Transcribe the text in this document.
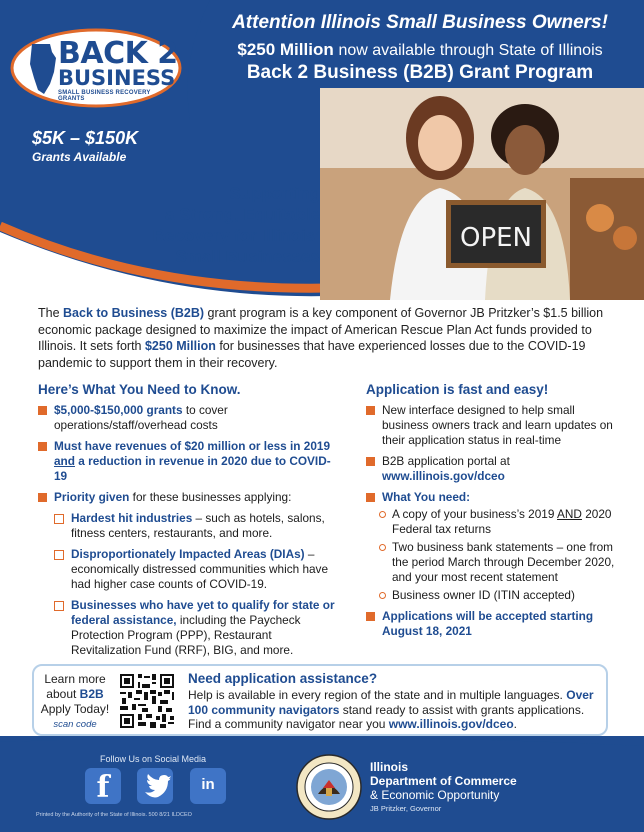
OPEN
BACK 2
BUSINESS
SMALL BUSINESS RECOVERY GRANTS
Attention Illinois Small Business Owners!
$250 Million now available through State of Illinois
Back 2 Business (B2B) Grant Program
$5K – $150K
Grants Available
Supporting
a Strong, Equitable
Recovery for Illinois’
Small Businesses
The Back to Business (B2B) grant program is a key component of Governor JB Pritzker’s $1.5 billion economic package designed to maximize the impact of American Rescue Plan Act funds provided to Illinois. It sets forth $250 Million for businesses that have experienced losses due to the COVID-19 pandemic to support them in their recovery.
Here’s What You Need to Know.
$5,000-$150,000 grants to cover operations/staff/overhead costs
Must have revenues of $20 million or less in 2019 and a reduction in revenue in 2020 due to COVID-19
Priority given for these businesses applying:
Hardest hit industries – such as hotels, salons, fitness centers, restaurants, and more.
Disproportionately Impacted Areas (DIAs) – economically distressed communities which have had higher case counts of COVID-19.
Businesses who have yet to qualify for state or federal assistance, including the Paycheck Protection Program (PPP), Restaurant Revitalization Fund (RRF), BIG, and more.
Application is fast and easy!
New interface designed to help small business owners track and learn updates on their application status in real-time
B2B application portal at
www.illinois.gov/dceo
What You need:
A copy of your business’s 2019 AND 2020 Federal tax returns
Two business bank statements – one from the period March through December 2020, and your most recent statement
Business owner ID (ITIN accepted)
Applications will be accepted starting August 18, 2021
Learn more
about B2B
Apply Today!
scan code
Need application assistance?
Help is available in every region of the state and in multiple languages. Over 100 community navigators stand ready to assist with grants applications. Find a community navigator near you www.illinois.gov/dceo.
Follow Us on Social Media
f	in
Printed by the Authority of the State of Illinois. 500 8/21 ILDCEO
Illinois
Department of Commerce
& Economic Opportunity
JB Pritzker, Governor
